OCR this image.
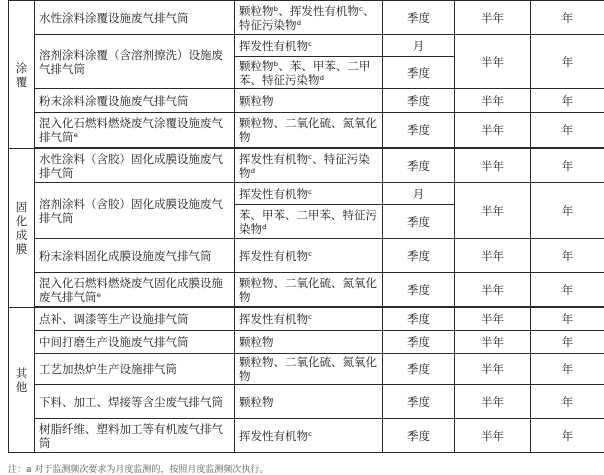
涂覆	水性涂料涂覆设施废气排气筒	颗粒物ᵇ、挥发性有机物ᶜ、特征污染物ᵈ	季度	半年	年
	溶剂涂料涂覆（含溶剂擦洗）设施废气排气筒	挥发性有机物ᶜ	月	半年	年
		颗粒物ᵇ、苯、甲苯、二甲苯、特征污染物ᵈ	季度		
	粉末涂料涂覆设施废气排气筒	颗粒物	季度	半年	年
	混入化石燃料燃烧废气涂覆设施废气排气筒ᵉ	颗粒物、二氧化硫、氮氧化物	季度	半年	年

固化成膜	水性涂料（含胶）固化成膜设施废气排气筒	挥发性有机物ᶜ、特征污染物ᵈ	季度	半年	年
	溶剂涂料（含胶）固化成膜设施废气排气筒	挥发性有机物ᶜ	月	半年	年
		苯、甲苯、二甲苯、特征污染物ᵈ	季度		
	粉末涂料固化成膜设施废气排气筒	挥发性有机物ᶜ	季度	半年	年
	混入化石燃料燃烧废气固化成膜设施废气排气筒ᵉ	颗粒物、二氧化硫、氮氧化物	季度	半年	年

其他	点补、调漆等生产设施排气筒	挥发性有机物ᶜ	季度	半年	年
	中间打磨生产设施废气排气筒	颗粒物	季度	半年	年
	工艺加热炉生产设施排气筒	颗粒物、二氧化硫、氮氧化物	季度	半年	年
	下料、加工、焊接等含尘废气排气筒	颗粒物	季度	半年	年
	树脂纤维、塑料加工等有机废气排气筒	挥发性有机物ᶜ	季度	半年	年
注：a 对于监测频次要求为月度监测的，按照月度监测频次执行。
